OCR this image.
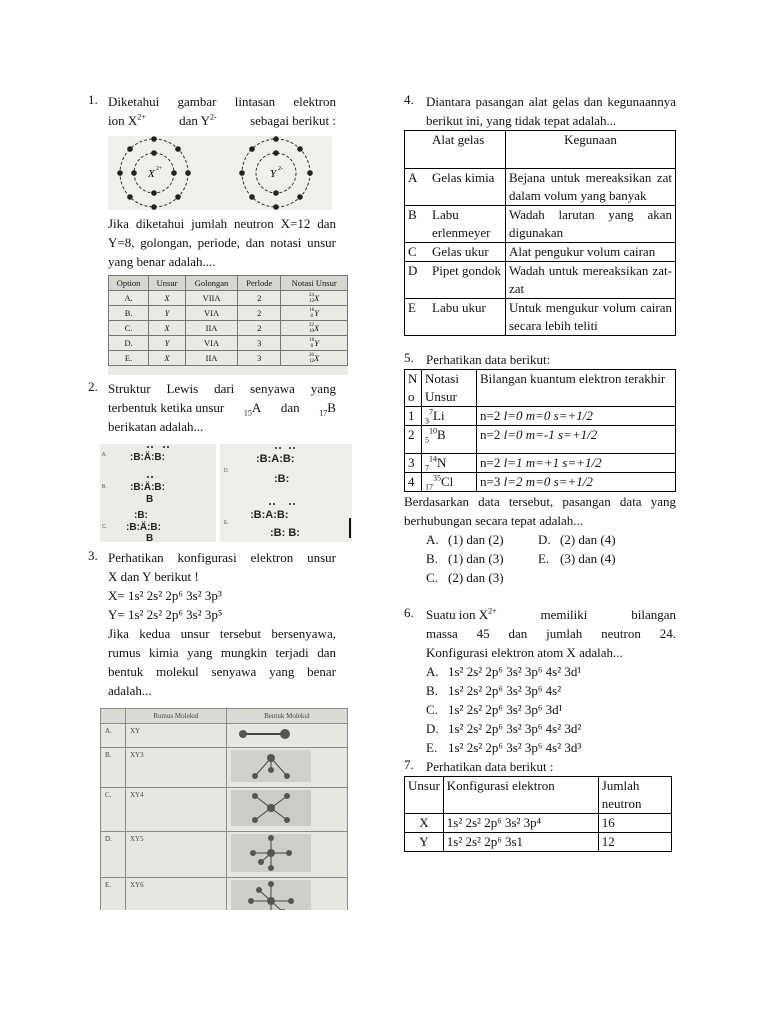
1. Diketahui gambar lintasan elektron

ion $X^{2+}$	dan $Y^{2-}$	sebagai berikut :

X 2+	Y 2-

Jika diketahui jumlah neutron X=12 dan Y=8, golongan, periode, dan notasi unsur yang benar adalah....

Option	Unsur	Golongan	Perlode	Notasi Unsur
A.	X	VIIA	2	24
12 X
B.	Y	VIA	2	16
8 Y
C.	X	IIA	2	22
10 X
D.	Y	VIA	3	16
8 Y
E.	X	IIA	3	26
12 X
2. Struktur Lewis dari senyawa yang

terbentuk ketika unsur $_{15}$A dan $_{17}$B

berikatan adalah...

A.
B.
C.
:B:Ä:B:
:B:Ä:B:
B
:B:
:B:Ä:B:
B
D.
E.
:B:A:B:
:B:
:B:A:B:
:B: B:
3. Perhatikan konfigurasi elektron unsur

X dan Y berikut !

X= 1s² 2s² 2p⁶ 3s² 3p³

Y= 1s² 2s² 2p⁶ 3s² 3p⁵

Jika kedua unsur tersebut bersenyawa, rumus kimia yang mungkin terjadi dan bentuk molekul senyawa yang benar adalah...

	Rumus Molekul	Bentuk Molekul
A.	XY	
B.	XY3	
C.	XY4	
D.	XY5	
E.	XY6	
4. Diantara pasangan alat gelas dan kegunaannya berikut ini, yang tidak tepat adalah...

	Alat gelas	Kegunaan
A	Gelas kimia	Bejana untuk mereaksikan zat dalam volum yang banyak
B	Labu erlenmeyer	Wadah larutan yang akan digunakan
C	Gelas ukur	Alat pengukur volum cairan
D	Pipet gondok	Wadah untuk mereaksikan zat-zat
E	Labu ukur	Untuk mengukur volum cairan secara lebih teliti
5. Perhatikan data berikut:

No	Notasi Unsur	Bilangan kuantum elektron terakhir
1	$_3^7$Li	n=2 l=0 m=0 s=+1/2
2	$_5^{10}$B	n=2 l=0 m=-1 s=+1/2
3	$_7^{14}$N	n=2 l=1 m=+1 s=+1/2
4	$_{17}^{35}$Cl	n=3 l=2 m=0 s=+1/2

Berdasarkan data tersebut, pasangan data yang berhubungan secara tepat adalah...

A. (1) dan (2)	D. (2) dan (4)

B. (1) dan (3)	E. (3) dan (4)

C. (2) dan (3)

6. Suatu ion $X^{2+}$	memiliki	bilangan

massa 45 dan jumlah neutron 24.

Konfigurasi elektron atom X adalah...

A. 1s² 2s² 2p⁶ 3s² 3p⁶ 4s² 3d¹

B. 1s² 2s² 2p⁶ 3s² 3p⁶ 4s²

C. 1s² 2s² 2p⁶ 3s² 3p⁶ 3d¹

D. 1s² 2s² 2p⁶ 3s² 3p⁶ 4s² 3d²

E. 1s² 2s² 2p⁶ 3s² 3p⁶ 4s² 3d³

7. Perhatikan data berikut :

Unsur	Konfigurasi elektron	Jumlah neutron
X	1s² 2s² 2p⁶ 3s² 3p⁴	16
Y	1s² 2s² 2p⁶ 3s1	12
